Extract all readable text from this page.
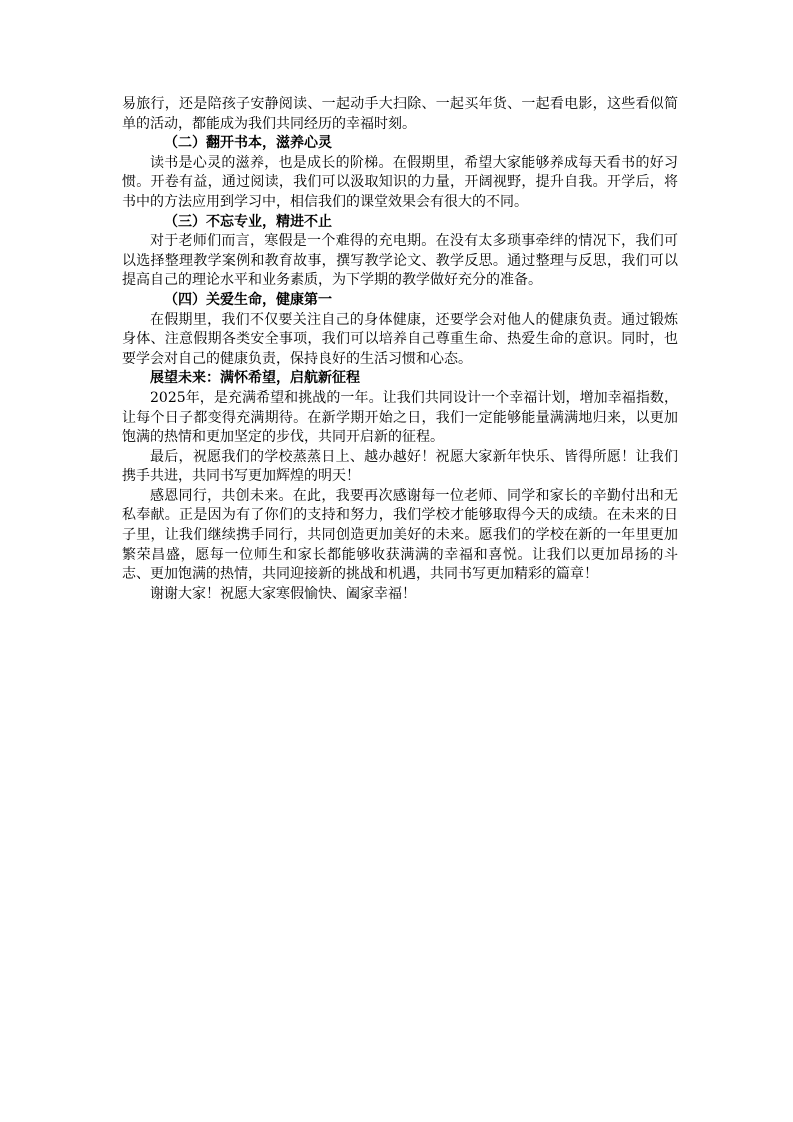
易旅行，还是陪孩子安静阅读、一起动手大扫除、一起买年货、一起看电影，这些看似简单的活动，都能成为我们共同经历的幸福时刻。

（二）翻开书本，滋养心灵

读书是心灵的滋养，也是成长的阶梯。在假期里，希望大家能够养成每天看书的好习惯。开卷有益，通过阅读，我们可以汲取知识的力量，开阔视野，提升自我。开学后，将书中的方法应用到学习中，相信我们的课堂效果会有很大的不同。

（三）不忘专业，精进不止

对于老师们而言，寒假是一个难得的充电期。在没有太多琐事牵绊的情况下，我们可以选择整理教学案例和教育故事，撰写教学论文、教学反思。通过整理与反思，我们可以提高自己的理论水平和业务素质，为下学期的教学做好充分的准备。

（四）关爱生命，健康第一

在假期里，我们不仅要关注自己的身体健康，还要学会对他人的健康负责。通过锻炼身体、注意假期各类安全事项，我们可以培养自己尊重生命、热爱生命的意识。同时，也要学会对自己的健康负责，保持良好的生活习惯和心态。

展望未来：满怀希望，启航新征程

2025年，是充满希望和挑战的一年。让我们共同设计一个幸福计划，增加幸福指数，让每个日子都变得充满期待。在新学期开始之日，我们一定能够能量满满地归来，以更加饱满的热情和更加坚定的步伐，共同开启新的征程。

最后，祝愿我们的学校蒸蒸日上、越办越好！祝愿大家新年快乐、皆得所愿！让我们携手共进，共同书写更加辉煌的明天！

感恩同行，共创未来。在此，我要再次感谢每一位老师、同学和家长的辛勤付出和无私奉献。正是因为有了你们的支持和努力，我们学校才能够取得今天的成绩。在未来的日子里，让我们继续携手同行，共同创造更加美好的未来。愿我们的学校在新的一年里更加繁荣昌盛，愿每一位师生和家长都能够收获满满的幸福和喜悦。让我们以更加昂扬的斗志、更加饱满的热情，共同迎接新的挑战和机遇，共同书写更加精彩的篇章！

谢谢大家！祝愿大家寒假愉快、阖家幸福！
